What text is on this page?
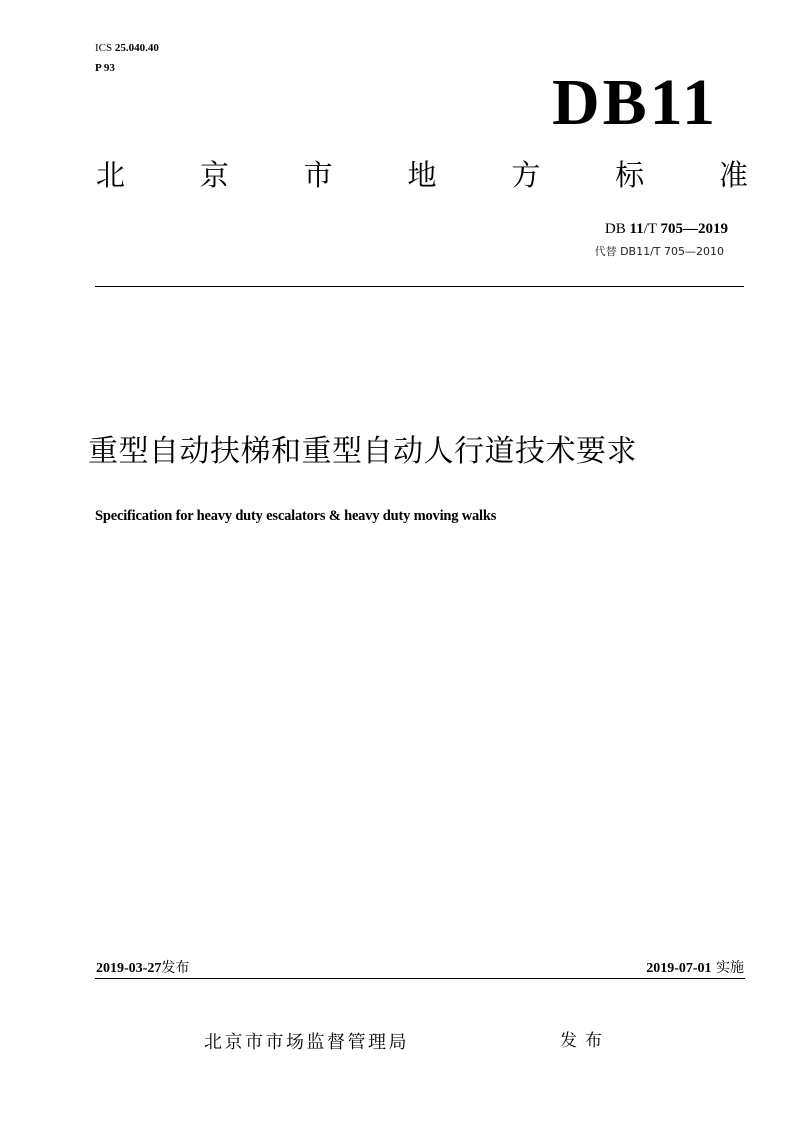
ICS 25.040.40
P 93	DB11
北	京	市	地	方	标	准
DB 11/T 705—2019
代替 DB11/T 705—2010
重型自动扶梯和重型自动人行道技术要求
Specification for heavy duty escalators & heavy duty moving walks
2019-03-27发布	2019-07-01 实施
北京市市场监督管理局	发布
